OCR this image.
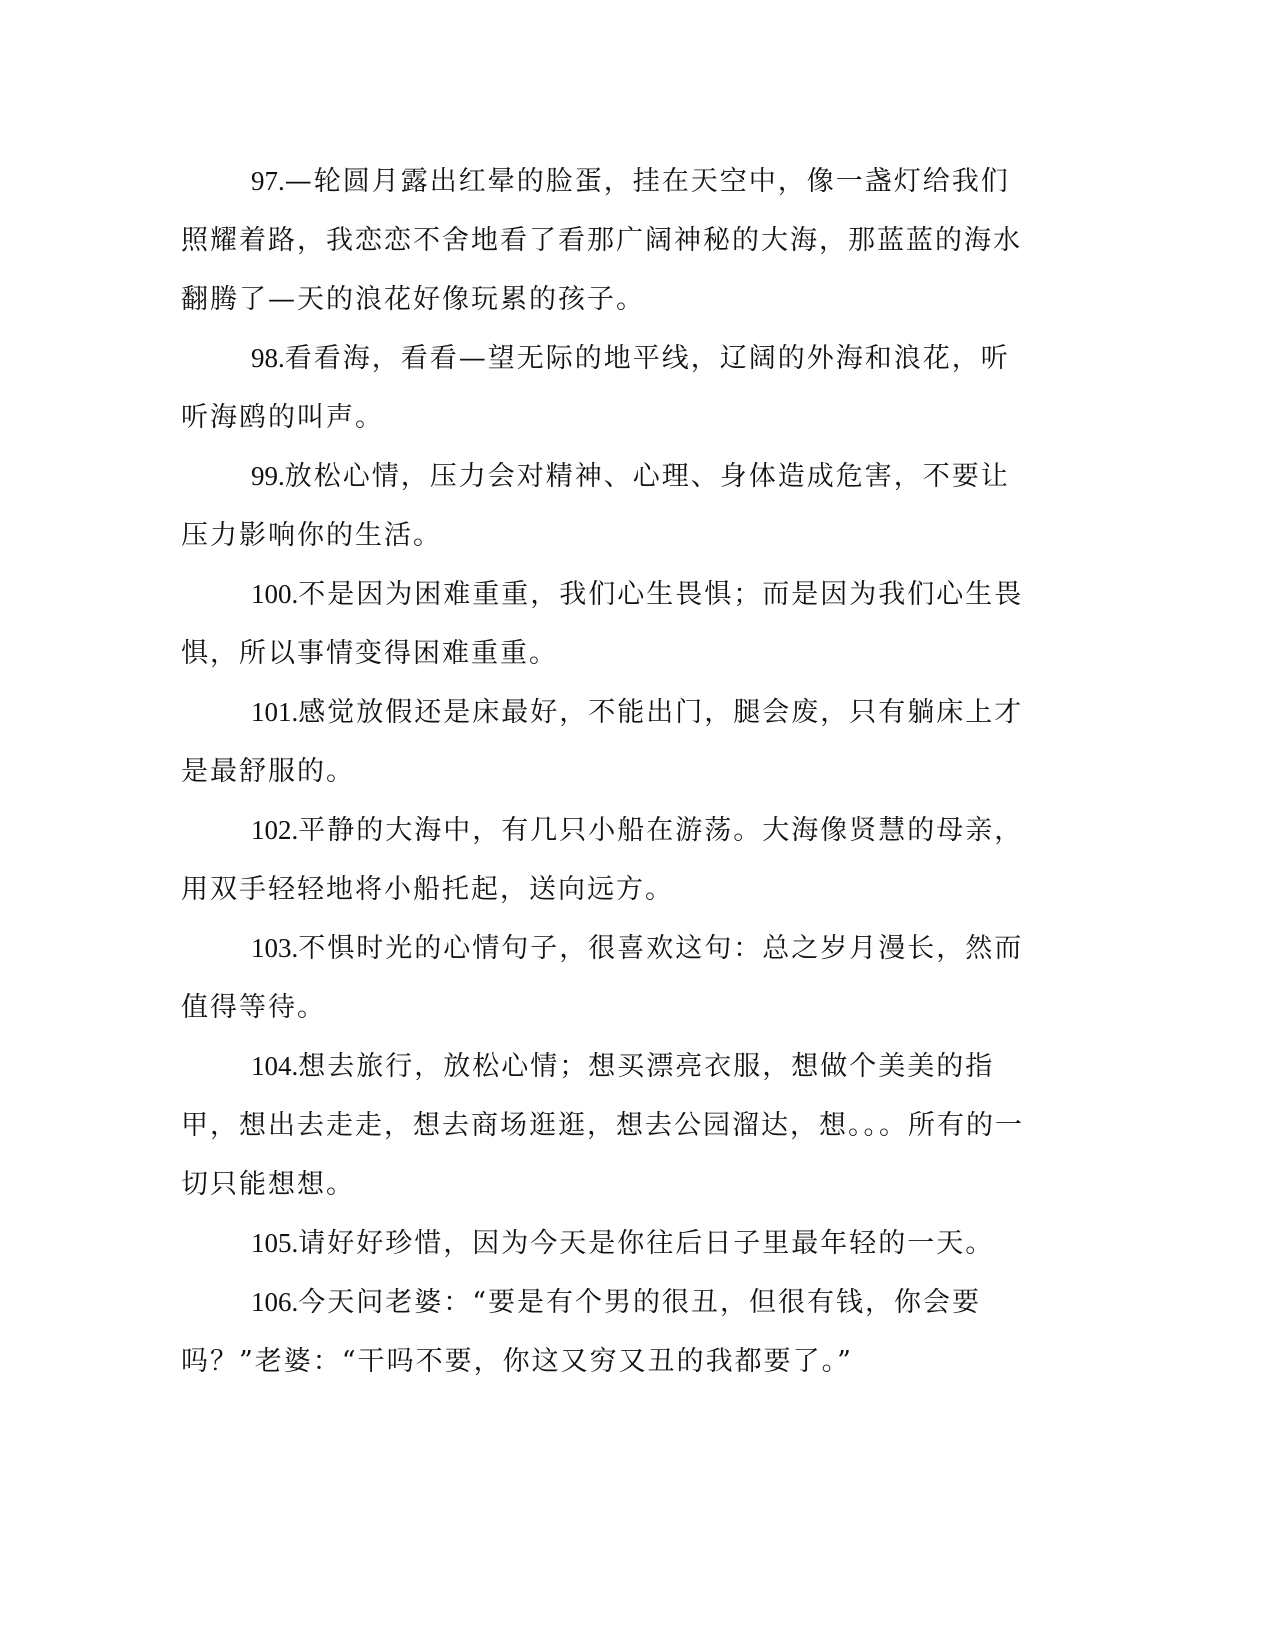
97.—轮圆月露出红晕的脸蛋，挂在天空中，像一盏灯给我们照耀着路，我恋恋不舍地看了看那广阔神秘的大海，那蓝蓝的海水翻腾了—天的浪花好像玩累的孩子。

98.看看海，看看—望无际的地平线，辽阔的外海和浪花，听听海鸥的叫声。

99.放松心情，压力会对精神、心理、身体造成危害，不要让压力影响你的生活。

100.不是因为困难重重，我们心生畏惧；而是因为我们心生畏惧，所以事情变得困难重重。

101.感觉放假还是床最好，不能出门，腿会废，只有躺床上才是最舒服的。

102.平静的大海中，有几只小船在游荡。大海像贤慧的母亲，用双手轻轻地将小船托起，送向远方。

103.不惧时光的心情句子，很喜欢这句：总之岁月漫长，然而值得等待。

104.想去旅行，放松心情；想买漂亮衣服，想做个美美的指甲，想出去走走，想去商场逛逛，想去公园溜达，想。。。所有的一切只能想想。

105.请好好珍惜，因为今天是你往后日子里最年轻的一天。

106.今天问老婆：“要是有个男的很丑，但很有钱，你会要吗？”老婆：“干吗不要，你这又穷又丑的我都要了。”
